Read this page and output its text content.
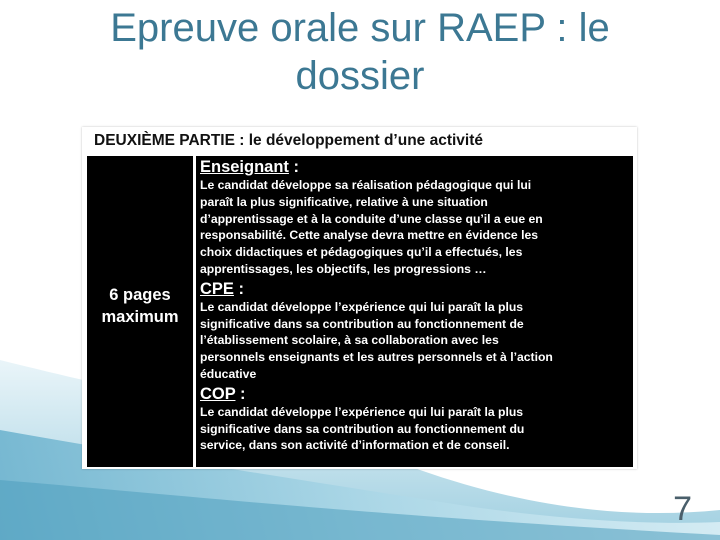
Epreuve orale sur RAEP : le
dossier
DEUXIÈME PARTIE : le développement d’une activité
6 pages
maximum
Enseignant :
Le candidat développe sa réalisation pédagogique qui lui
paraît la plus significative, relative à une situation
d’apprentissage et à la conduite d’une classe qu’il a eue en
responsabilité. Cette analyse devra mettre en évidence les
choix didactiques et pédagogiques qu’il a effectués, les
apprentissages, les objectifs, les progressions …
CPE :
Le candidat développe l’expérience qui lui paraît la plus
significative dans sa contribution au fonctionnement de
l’établissement scolaire, à sa collaboration avec les
personnels enseignants et les autres personnels et à l’action
éducative
COP :
Le candidat développe l’expérience qui lui paraît la plus
significative dans sa contribution au fonctionnement du
service, dans son activité d’information et de conseil.
7
